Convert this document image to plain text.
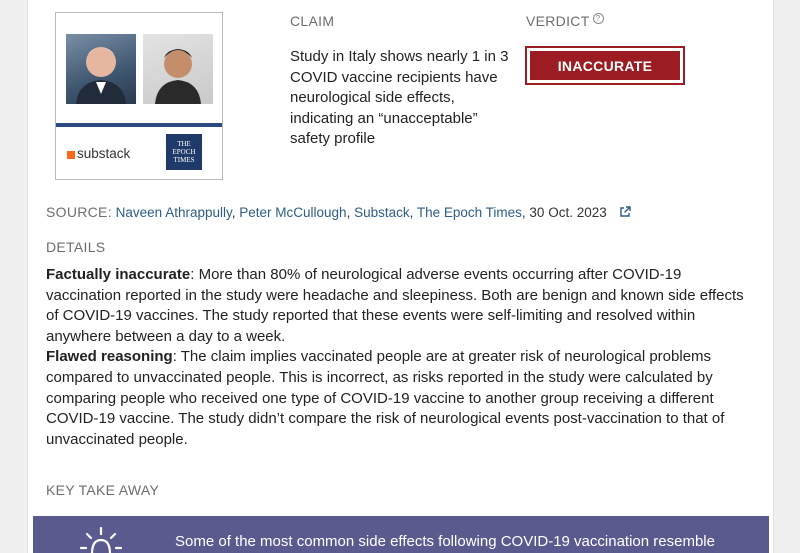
substack
THE EPOCH TIMES
CLAIM
Study in Italy shows nearly 1 in 3 COVID vaccine recipients have neurological side effects, indicating an “unacceptable” safety profile
VERDICT ?
INACCURATE
SOURCE: Naveen Athrappully, Peter McCullough, Substack, The Epoch Times, 30 Oct. 2023
DETAILS

Factually inaccurate: More than 80% of neurological adverse events occurring after COVID-19 vaccination reported in the study were headache and sleepiness. Both are benign and known side effects of COVID-19 vaccines. The study reported that these events were self-limiting and resolved within anywhere between a day to a week.

Flawed reasoning: The claim implies vaccinated people are at greater risk of neurological problems compared to unvaccinated people. This is incorrect, as risks reported in the study were calculated by comparing people who received one type of COVID-19 vaccine to another group receiving a different COVID-19 vaccine. The study didn’t compare the risk of neurological events post-vaccination to that of unvaccinated people.

KEY TAKE AWAY
Some of the most common side effects following COVID-19 vaccination resemble
